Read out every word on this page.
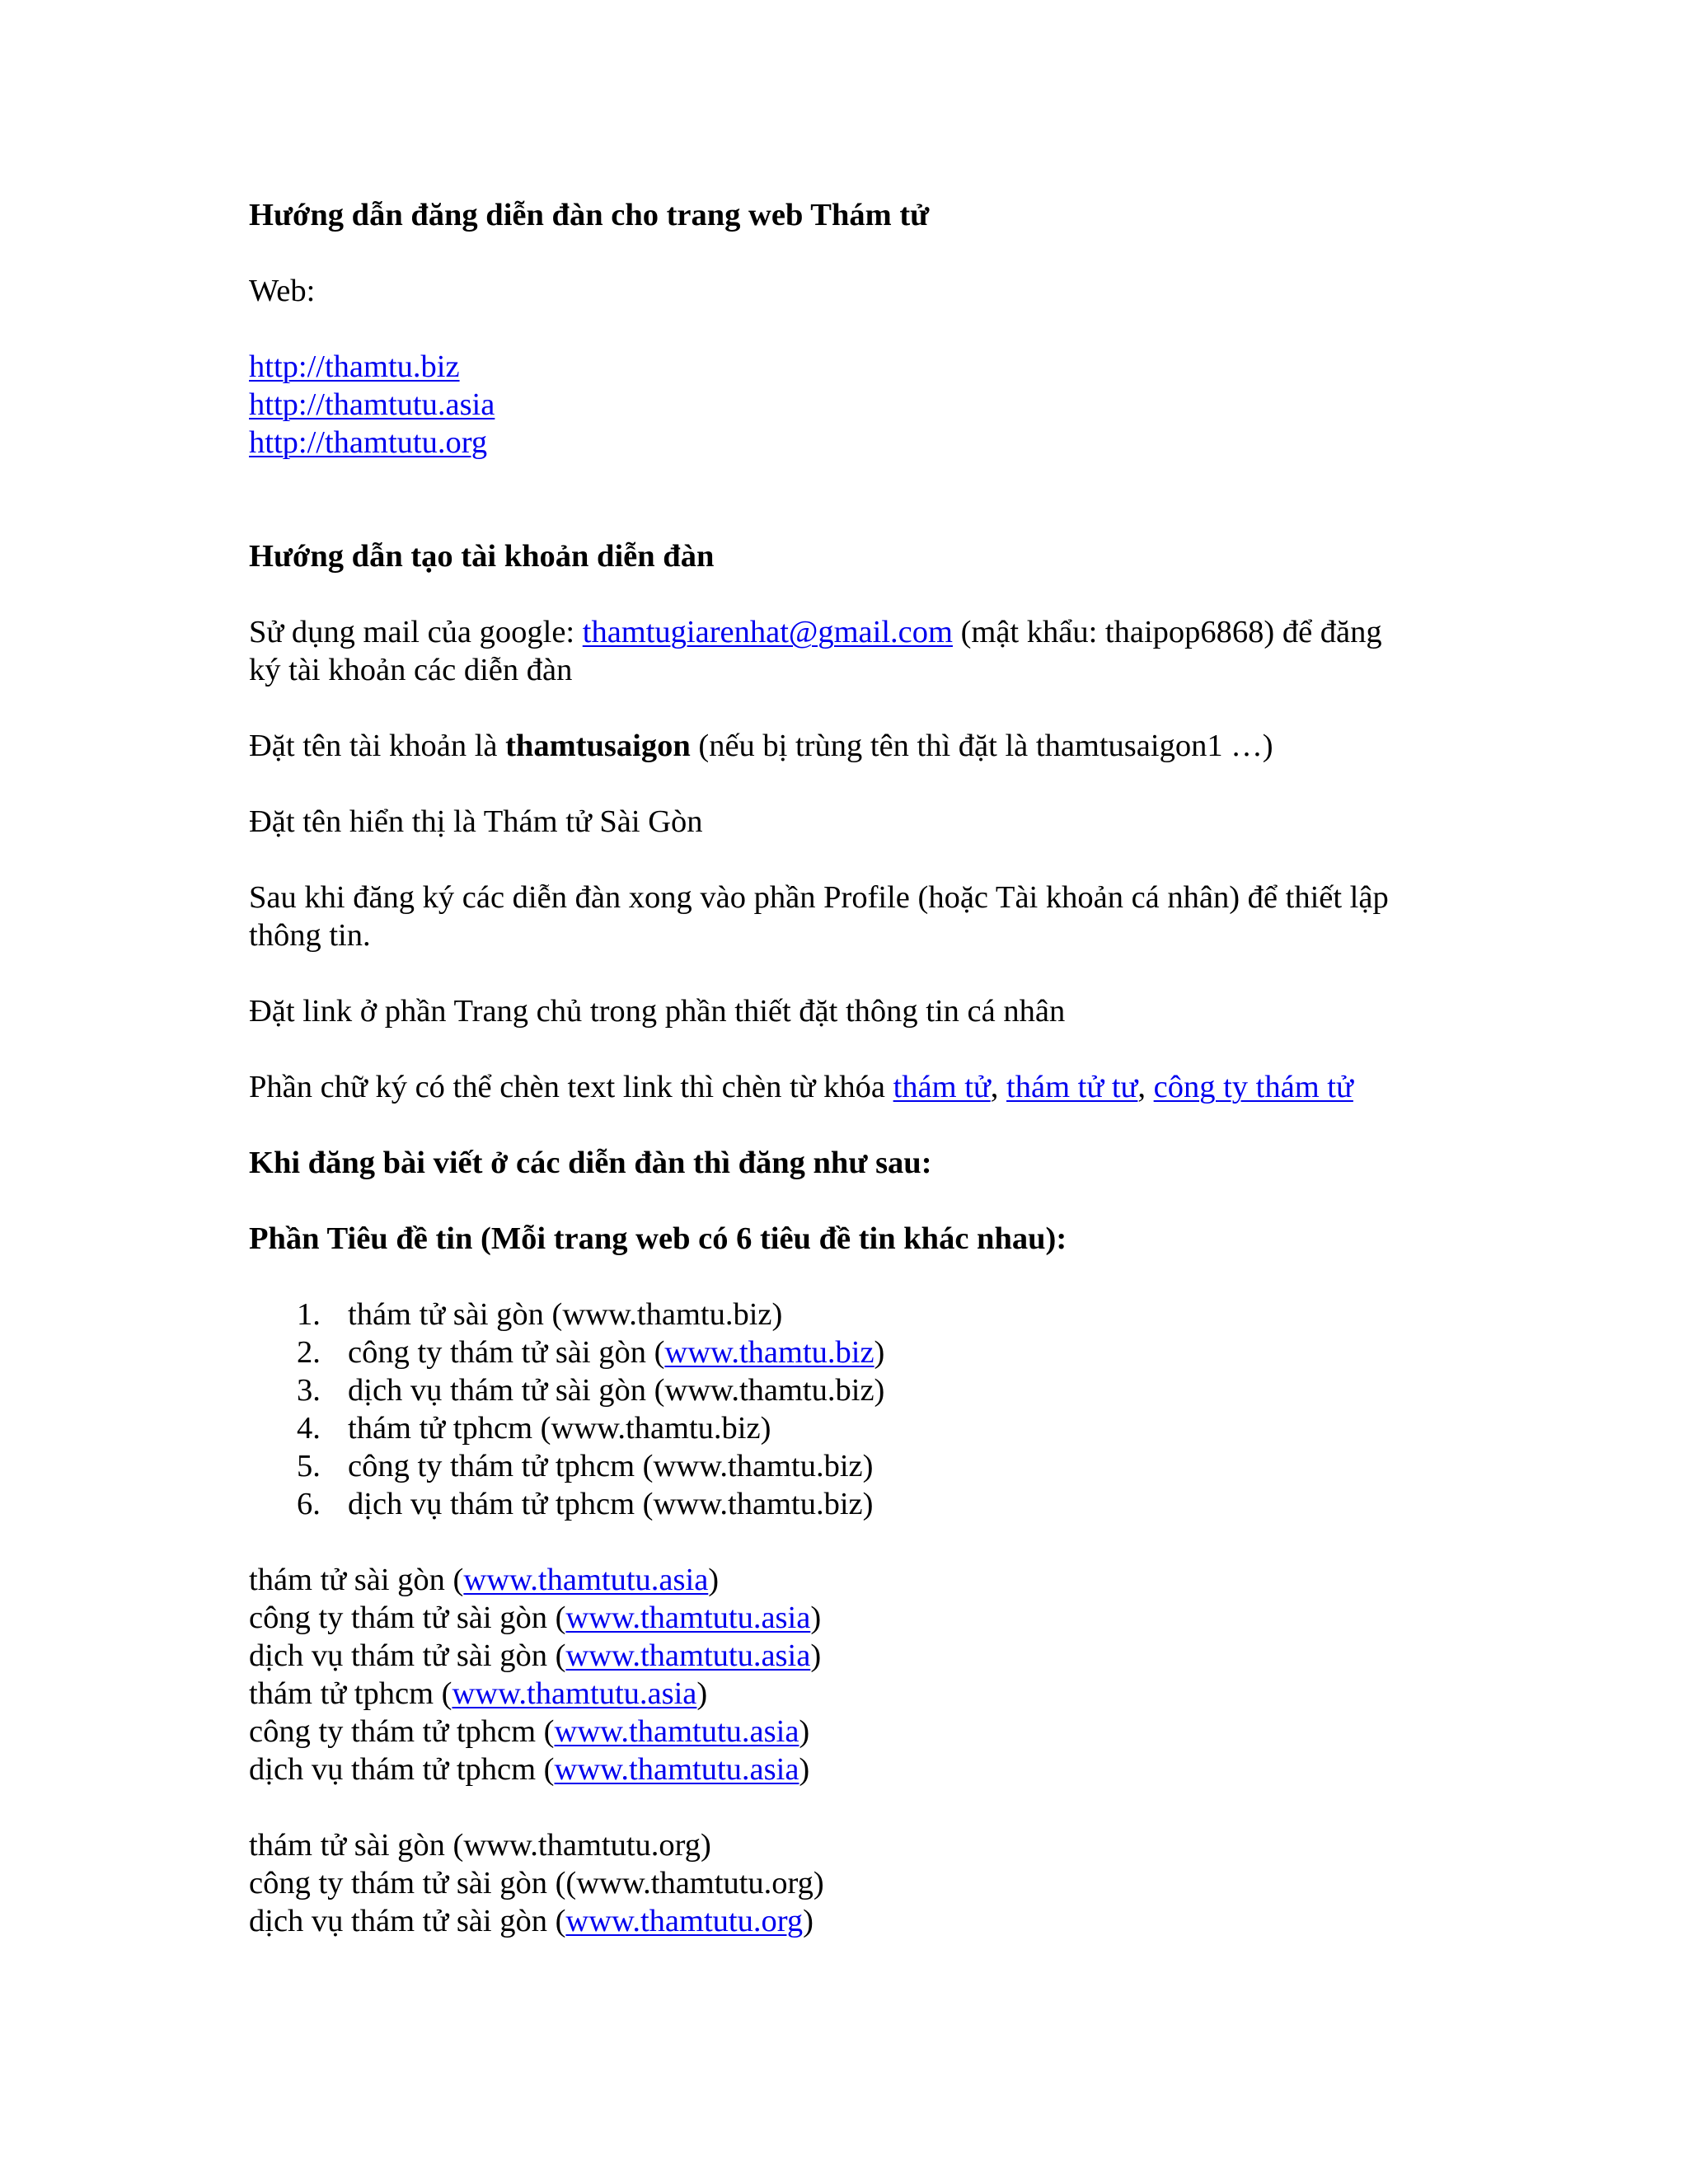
Hướng dẫn đăng diễn đàn cho trang web Thám tử

Web:

http://thamtu.biz

http://thamtutu.asia

http://thamtutu.org

Hướng dẫn tạo tài khoản diễn đàn

Sử dụng mail của google: thamtugiarenhat@gmail.com (mật khẩu: thaipop6868) để đăng

ký tài khoản các diễn đàn

Đặt tên tài khoản là thamtusaigon (nếu bị trùng tên thì đặt là thamtusaigon1 …)

Đặt tên hiển thị là Thám tử Sài Gòn

Sau khi đăng ký các diễn đàn xong vào phần Profile (hoặc Tài khoản cá nhân) để thiết lập

thông tin.

Đặt link ở phần Trang chủ trong phần thiết đặt thông tin cá nhân

Phần chữ ký có thể chèn text link thì chèn từ khóa thám tử, thám tử tư, công ty thám tử

Khi đăng bài viết ở các diễn đàn thì đăng như sau:

Phần Tiêu đề tin (Mỗi trang web có 6 tiêu đề tin khác nhau):

1. thám tử sài gòn (www.thamtu.biz)
2. công ty thám tử sài gòn (www.thamtu.biz)
3. dịch vụ thám tử sài gòn (www.thamtu.biz)
4. thám tử tphcm (www.thamtu.biz)
5. công ty thám tử tphcm (www.thamtu.biz)
6. dịch vụ thám tử tphcm (www.thamtu.biz)

thám tử sài gòn (www.thamtutu.asia)

công ty thám tử sài gòn (www.thamtutu.asia)

dịch vụ thám tử sài gòn (www.thamtutu.asia)

thám tử tphcm (www.thamtutu.asia)

công ty thám tử tphcm (www.thamtutu.asia)

dịch vụ thám tử tphcm (www.thamtutu.asia)

thám tử sài gòn (www.thamtutu.org)

công ty thám tử sài gòn ((www.thamtutu.org)

dịch vụ thám tử sài gòn (www.thamtutu.org)
